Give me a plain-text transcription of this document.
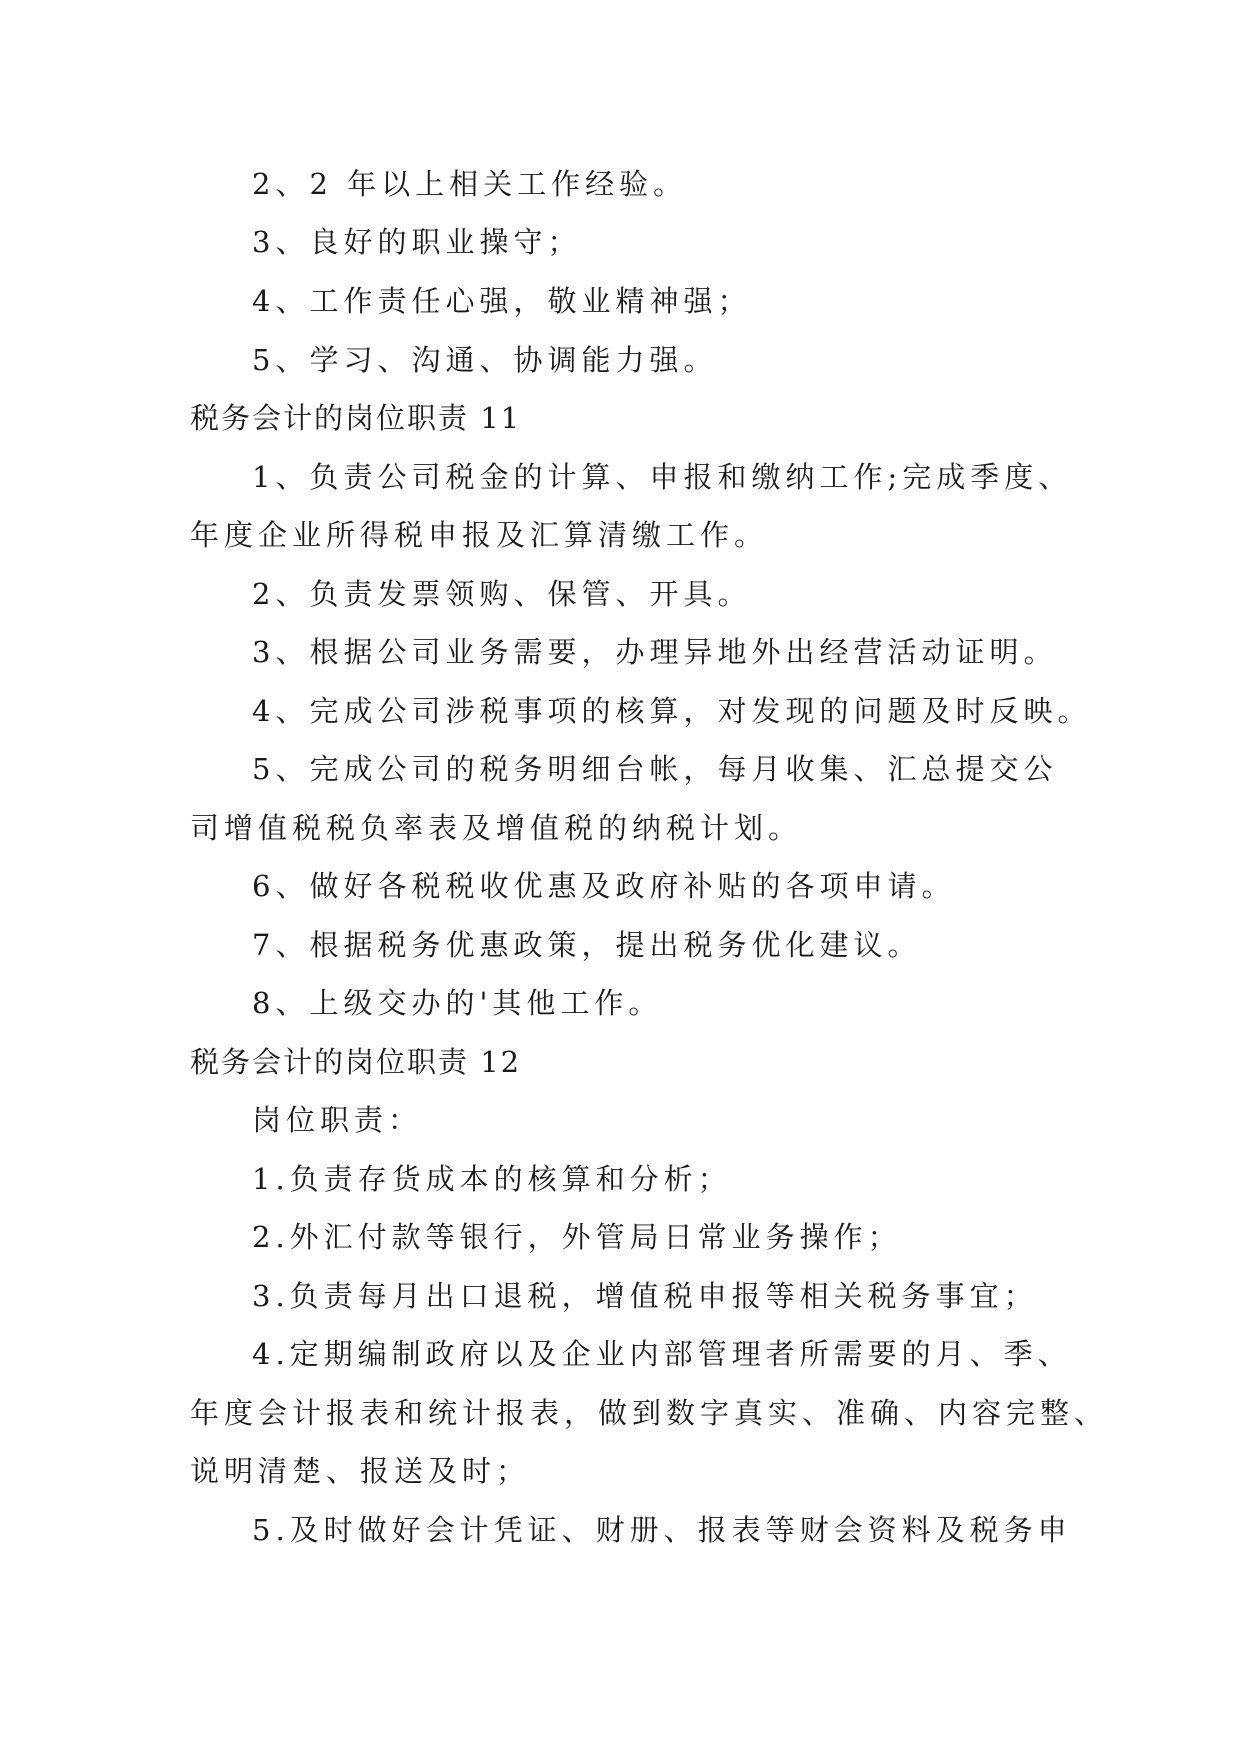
2、2 年以上相关工作经验。
3、良好的职业操守；
4、工作责任心强，敬业精神强；
5、学习、沟通、协调能力强。
税务会计的岗位职责 11
1、负责公司税金的计算、申报和缴纳工作;完成季度、
年度企业所得税申报及汇算清缴工作。
2、负责发票领购、保管、开具。
3、根据公司业务需要，办理异地外出经营活动证明。
4、完成公司涉税事项的核算，对发现的问题及时反映。
5、完成公司的税务明细台帐，每月收集、汇总提交公
司增值税税负率表及增值税的纳税计划。
6、做好各税税收优惠及政府补贴的各项申请。
7、根据税务优惠政策，提出税务优化建议。
8、上级交办的'其他工作。
税务会计的岗位职责 12
岗位职责：
1.负责存货成本的核算和分析；
2.外汇付款等银行，外管局日常业务操作；
3.负责每月出口退税，增值税申报等相关税务事宜；
4.定期编制政府以及企业内部管理者所需要的月、季、
年度会计报表和统计报表，做到数字真实、准确、内容完整、
说明清楚、报送及时；
5.及时做好会计凭证、财册、报表等财会资料及税务申
